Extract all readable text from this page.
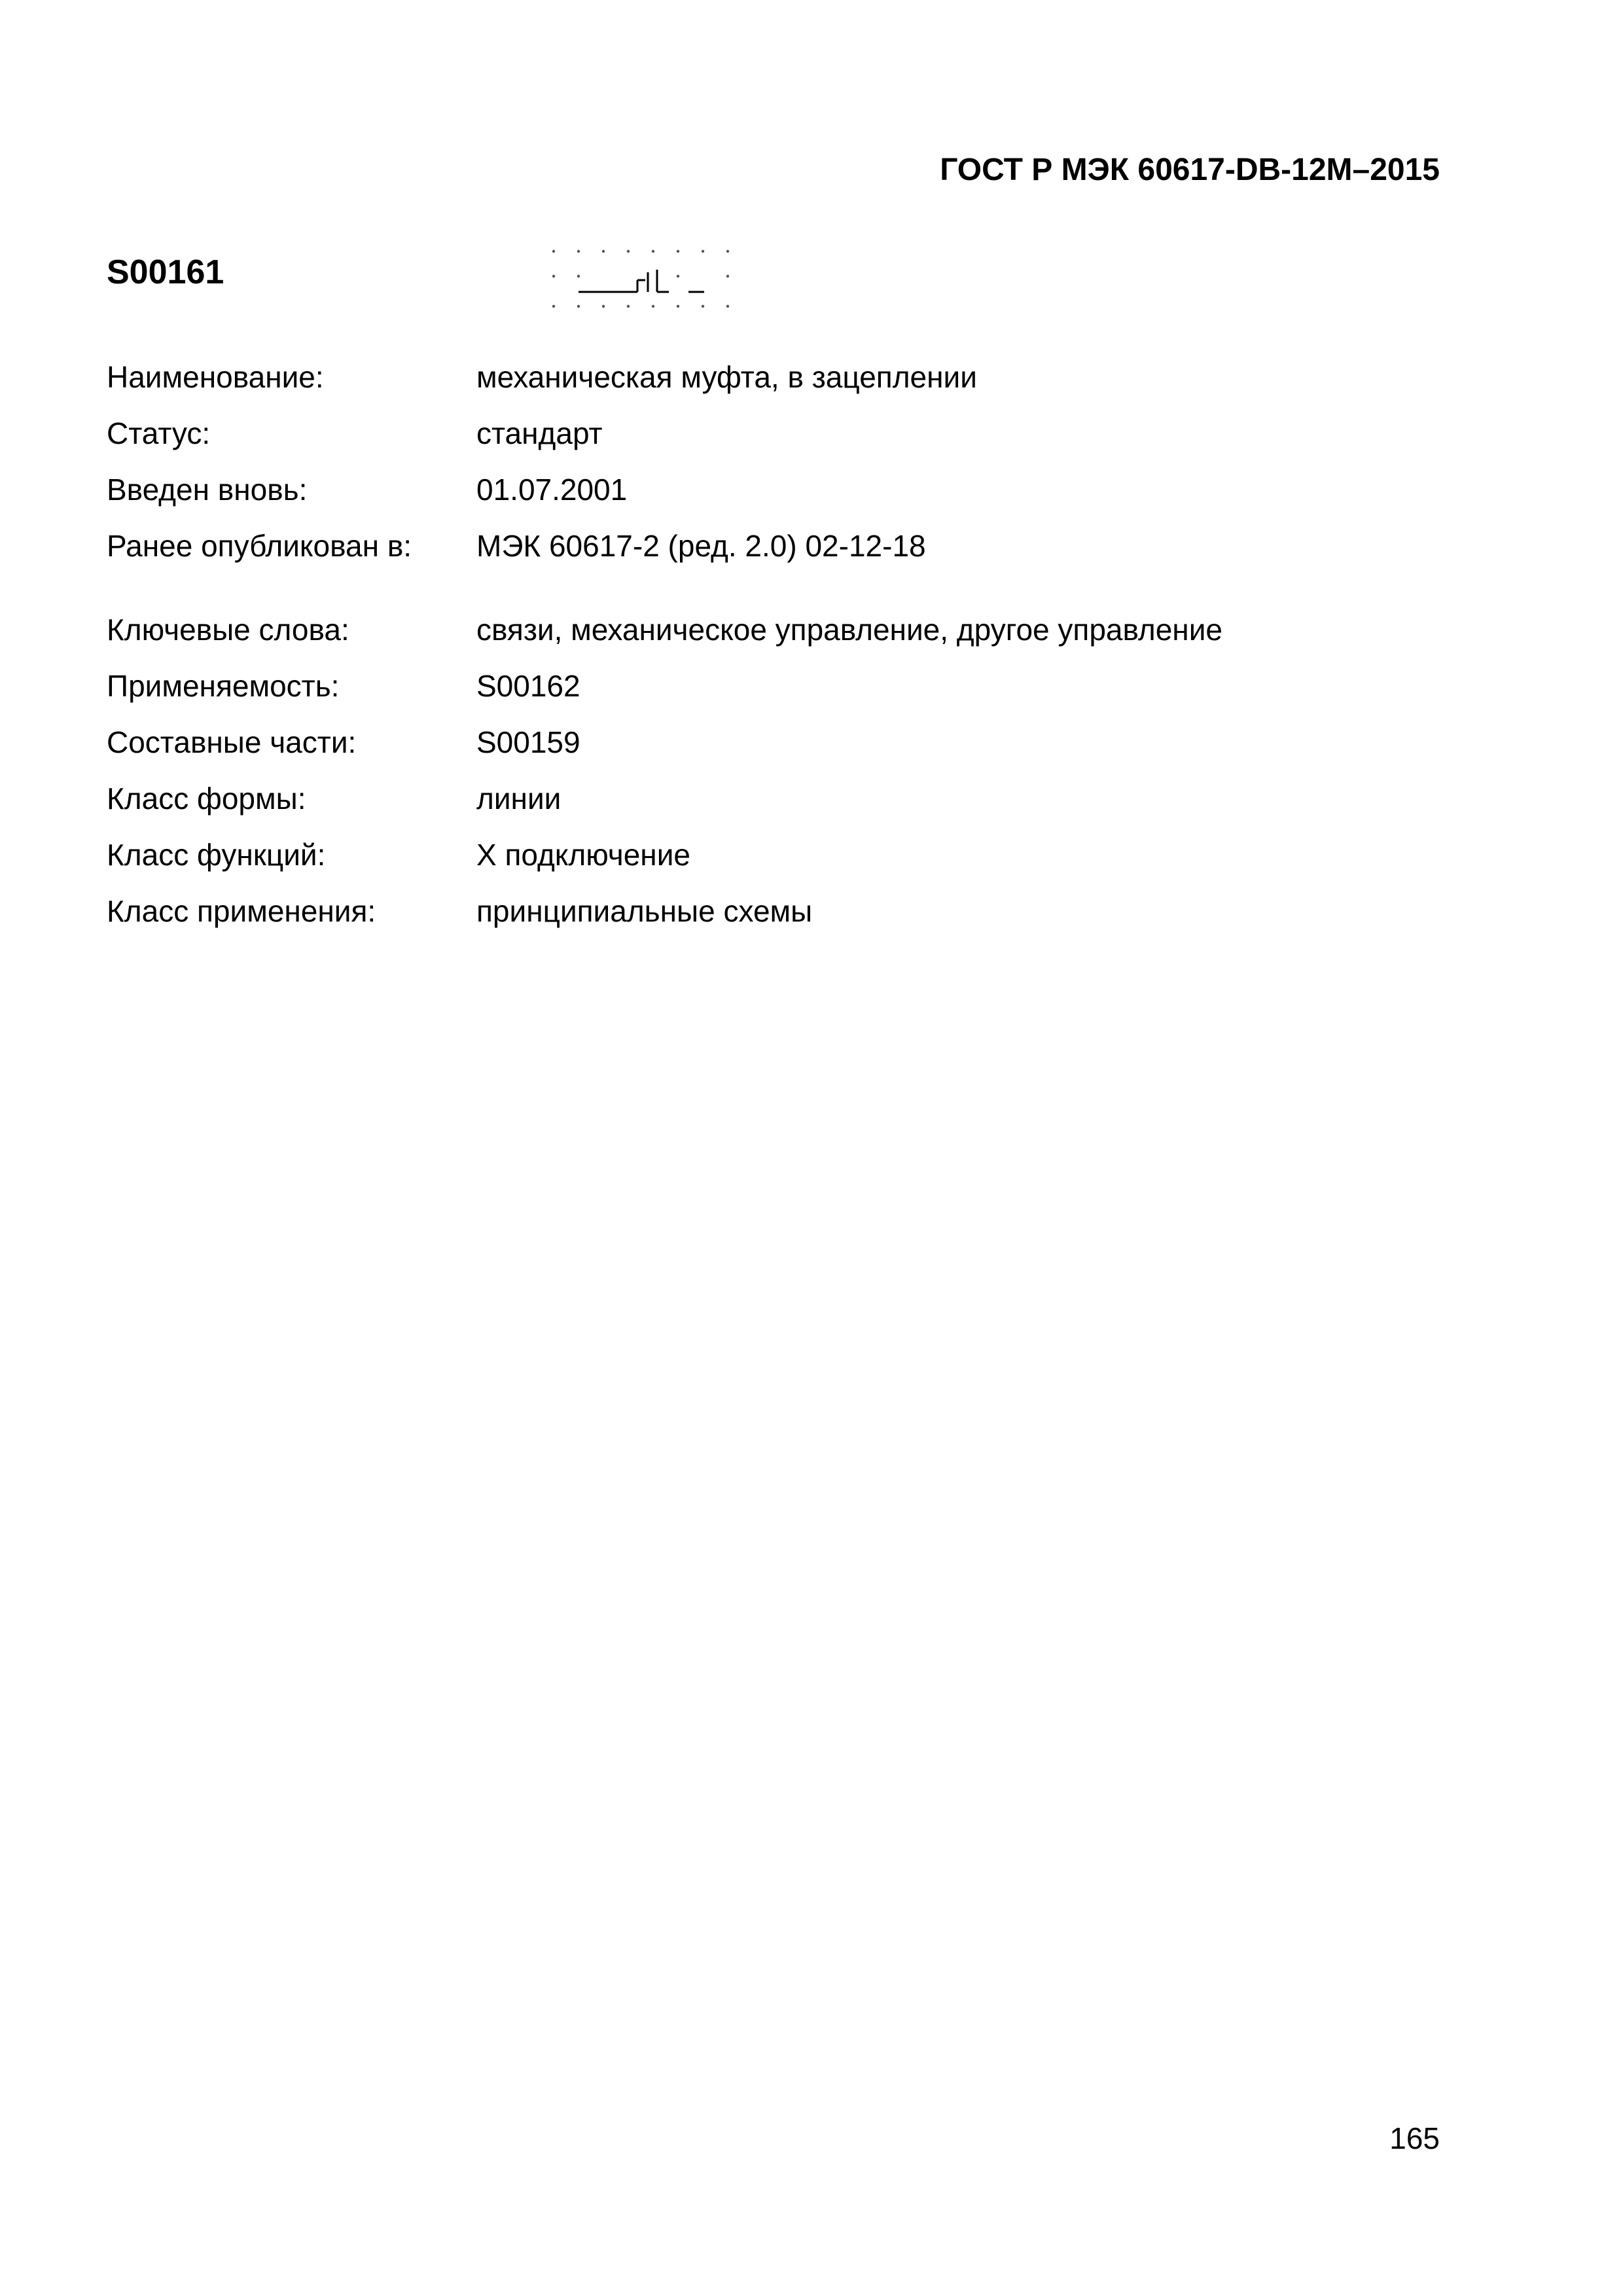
ГОСТ Р МЭК 60617-DB-12M–2015
S00161
Наименование:	механическая муфта, в зацеплении
Статус:	стандарт
Введен вновь:	01.07.2001
Ранее опубликован в:	МЭК 60617-2 (ред. 2.0) 02-12-18
Ключевые слова:	связи, механическое управление, другое управление
Применяемость:	S00162
Составные части:	S00159
Класс формы:	линии
Класс функций:	X подключение
Класс применения:	принципиальные схемы
165
